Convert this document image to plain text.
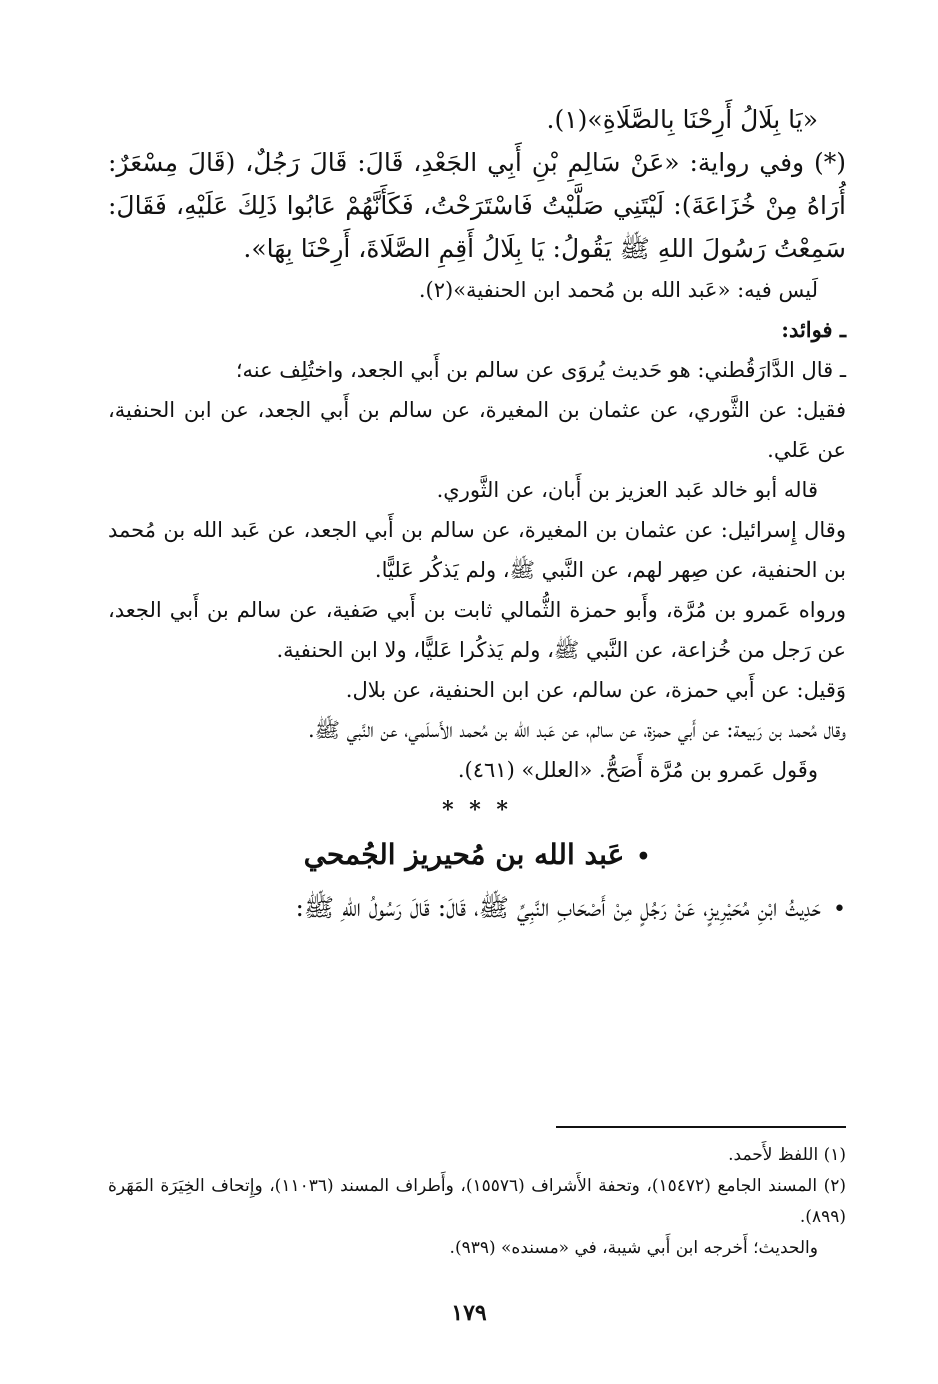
«يَا بِلَالُ أَرِحْنَا بِالصَّلَاةِ»(١).

(*) وفي رواية: «عَنْ سَالِمِ بْنِ أَبِي الجَعْدِ، قَالَ: قَالَ رَجُلٌ، (قَالَ مِسْعَرٌ: أُرَاهُ مِنْ خُزَاعَةَ): لَيْتَنِي صَلَّيْتُ فَاسْتَرَحْتُ، فَكَأَنَّهُمْ عَابُوا ذَلِكَ عَلَيْهِ، فَقَالَ: سَمِعْتُ رَسُولَ اللهِ ﷺ يَقُولُ: يَا بِلَالُ أَقِمِ الصَّلَاةَ، أَرِحْنَا بِهَا».

لَيس فيه: «عَبد الله بن مُحمد ابن الحنفية»(٢).

ـ فوائد:

ـ قال الدَّارَقُطني: هو حَديث يُروَى عن سالم بن أَبي الجعد، واختُلِف عنه؛

فقيل: عن الثَّوري، عن عثمان بن المغيرة، عن سالم بن أَبي الجعد، عن ابن الحنفية، عن عَلي.

قاله أبو خالد عَبد العزيز بن أَبان، عن الثَّوري.

وقال إِسرائيل: عن عثمان بن المغيرة، عن سالم بن أَبي الجعد، عن عَبد الله بن مُحمد بن الحنفية، عن صِهر لهم، عن النَّبي ﷺ، ولم يَذكُر عَليًّا.

ورواه عَمرو بن مُرَّة، وأَبو حمزة الثُّمالي ثابت بن أَبي صَفية، عن سالم بن أَبي الجعد، عن رَجل من خُزاعة، عن النَّبي ﷺ، ولم يَذكُرا عَليًّا، ولا ابن الحنفية.

وَقيل: عن أَبي حمزة، عن سالم، عن ابن الحنفية، عن بلال.

وقال مُحمد بن رَبيعة: عن أَبي حمزة، عن سالم، عن عَبد الله بن مُحمد الأَسلَمي، عن النَّبي ﷺ.

وقَول عَمرو بن مُرَّة أَصَحُّ. «العلل» (٤٦١).

* * *
•عَبد الله بن مُحيريز الجُمحي

•حَدِيثُ ابْنِ مُحَيْرِيزٍ، عَنْ رَجُلٍ مِنْ أَصْحَابِ النَّبِيِّ ﷺ، قَالَ: قَالَ رَسُولُ اللهِ ﷺ:

(١) اللفظ لأَحمد.

(٢) المسند الجامع (١٥٤٧٢)، وتحفة الأَشراف (١٥٥٧٦)، وأَطراف المسند (١١٠٣٦)، وإِتحاف الخِيَرَة المَهَرة (٨٩٩).

والحديث؛ أَخرجه ابن أَبي شيبة، في «مسنده» (٩٣٩).

١٧٩
